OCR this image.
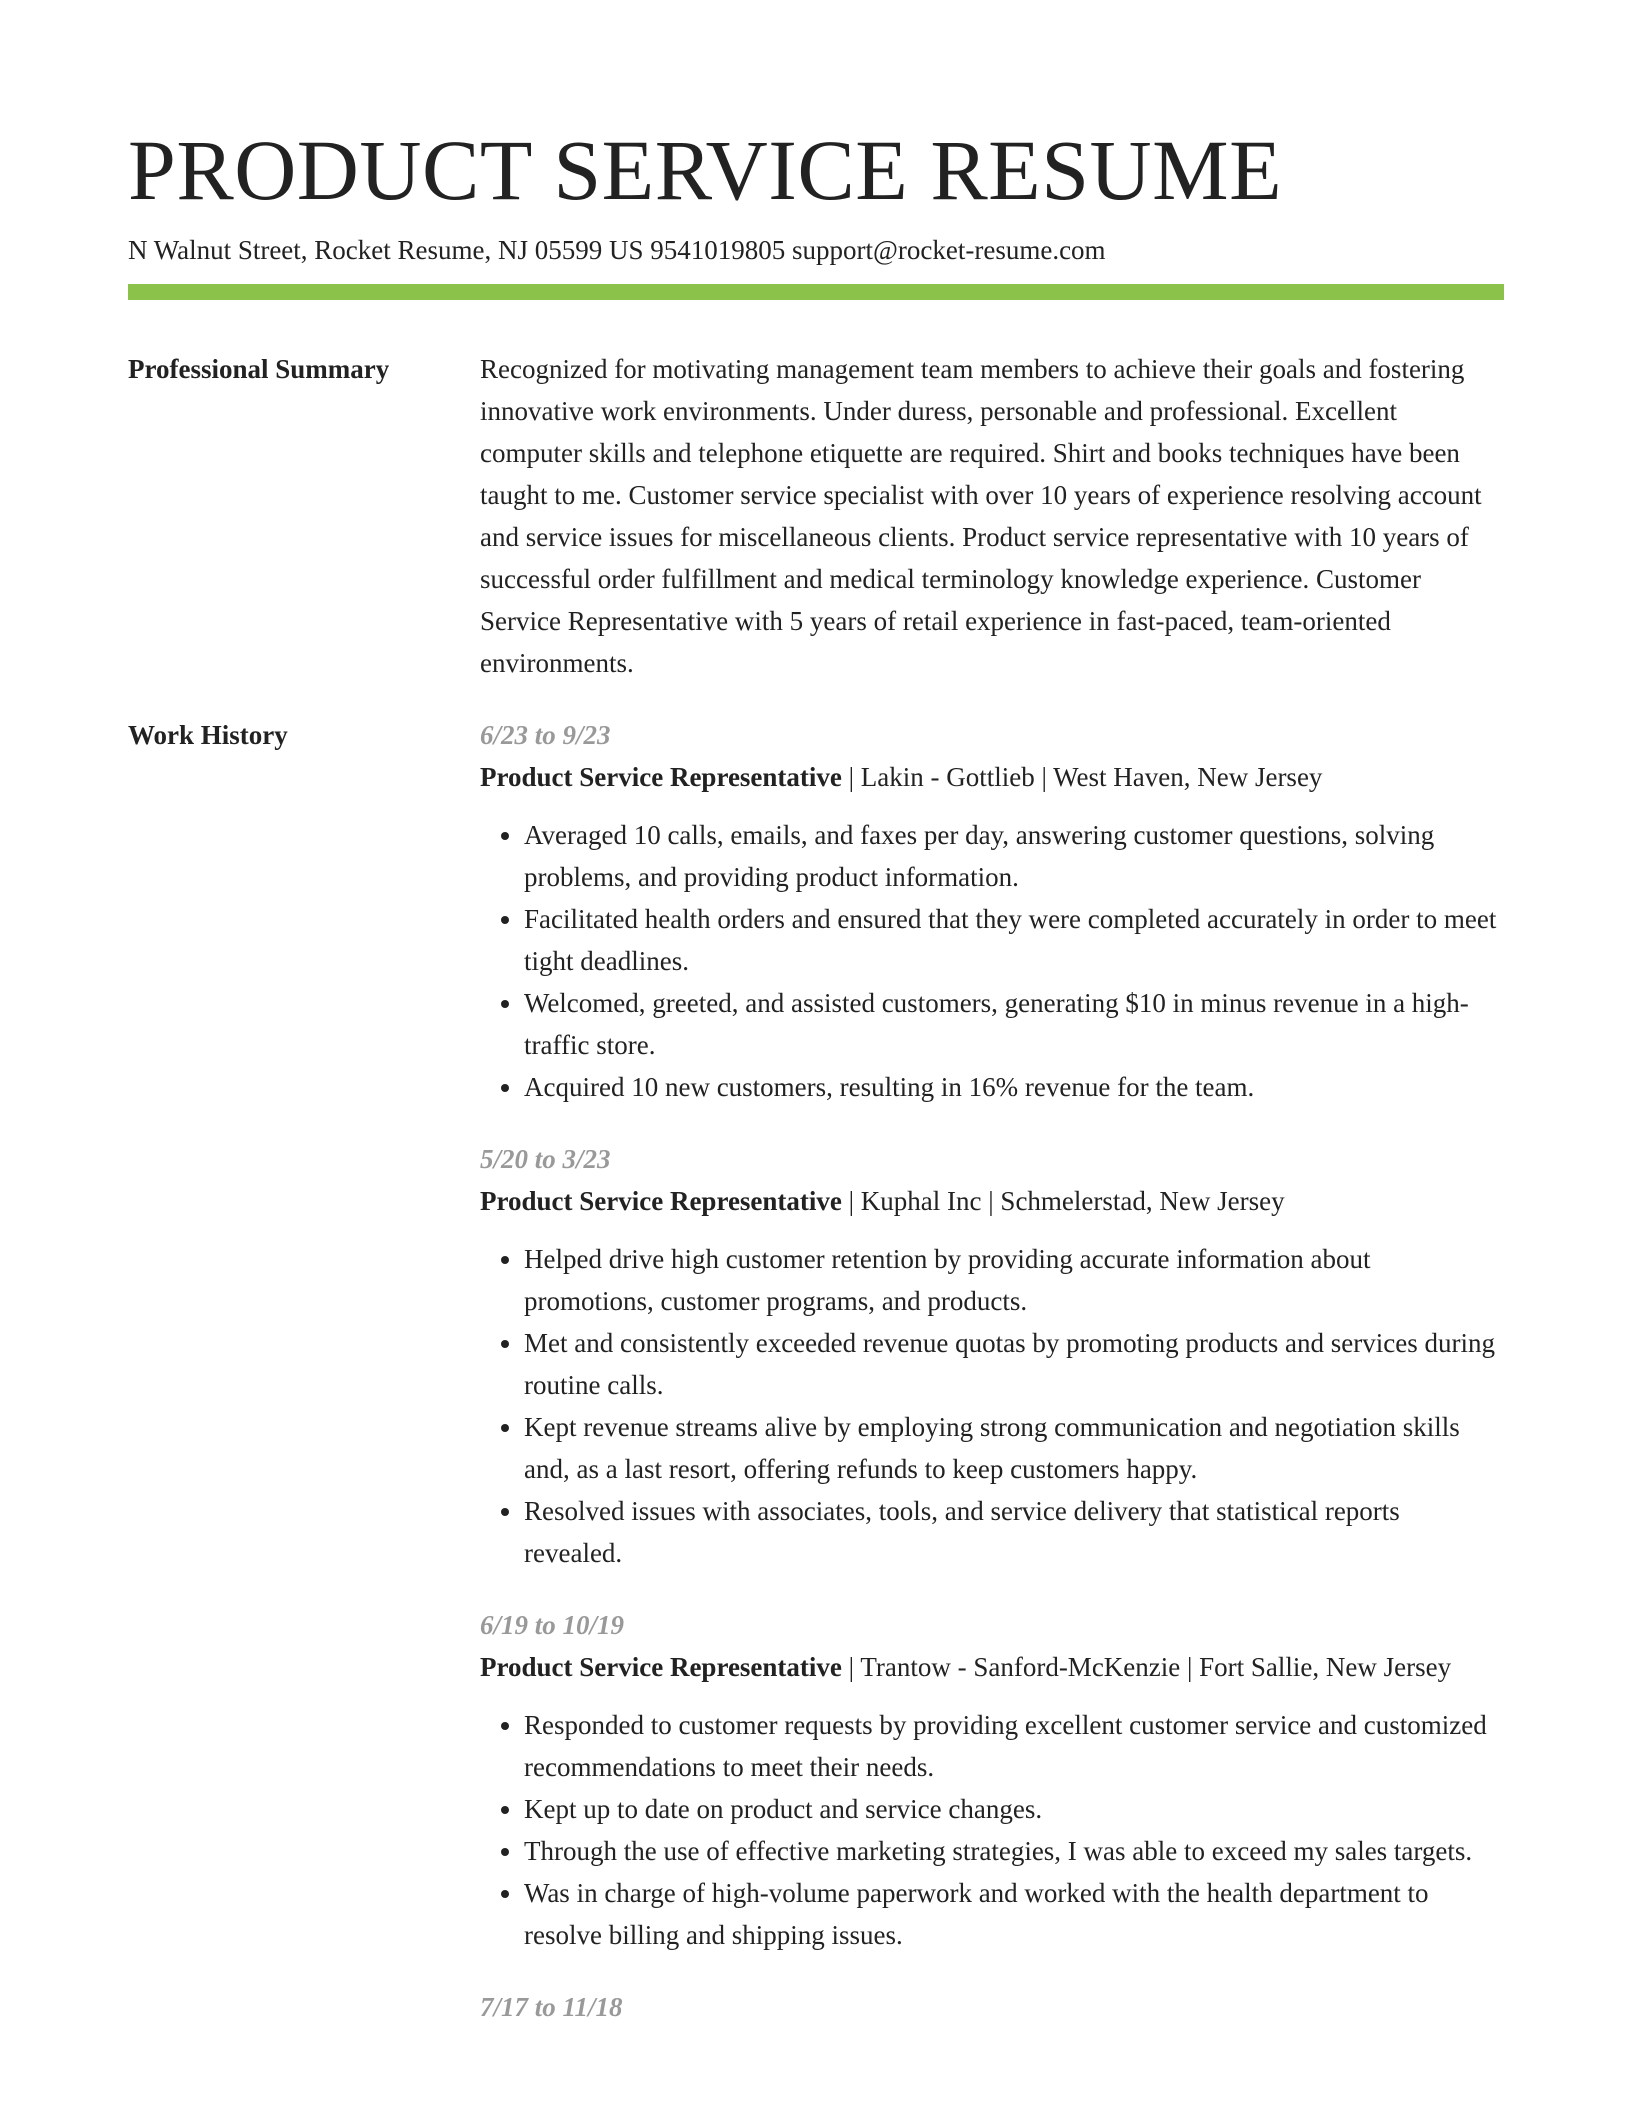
PRODUCT SERVICE RESUME
N Walnut Street, Rocket Resume, NJ 05599 US 9541019805 support@rocket-resume.com
Professional Summary	Recognized for motivating management team members to achieve their goals and fostering innovative work environments. Under duress, personable and professional. Excellent computer skills and telephone etiquette are required. Shirt and books techniques have been taught to me. Customer service specialist with over 10 years of experience resolving account and service issues for miscellaneous clients. Product service representative with 10 years of successful order fulfillment and medical terminology knowledge experience. Customer Service Representative with 5 years of retail experience in fast-paced, team-oriented environments.
Work History	6/23 to 9/23
Product Service Representative | Lakin - Gottlieb | West Haven, New Jersey
• Averaged 10 calls, emails, and faxes per day, answering customer questions, solving problems, and providing product information.
• Facilitated health orders and ensured that they were completed accurately in order to meet tight deadlines.
• Welcomed, greeted, and assisted customers, generating $10 in minus revenue in a high-traffic store.
• Acquired 10 new customers, resulting in 16% revenue for the team.
5/20 to 3/23
Product Service Representative | Kuphal Inc | Schmelerstad, New Jersey
• Helped drive high customer retention by providing accurate information about promotions, customer programs, and products.
• Met and consistently exceeded revenue quotas by promoting products and services during routine calls.
• Kept revenue streams alive by employing strong communication and negotiation skills and, as a last resort, offering refunds to keep customers happy.
• Resolved issues with associates, tools, and service delivery that statistical reports revealed.
6/19 to 10/19
Product Service Representative | Trantow - Sanford-McKenzie | Fort Sallie, New Jersey
• Responded to customer requests by providing excellent customer service and customized recommendations to meet their needs.
• Kept up to date on product and service changes.
• Through the use of effective marketing strategies, I was able to exceed my sales targets.
• Was in charge of high-volume paperwork and worked with the health department to resolve billing and shipping issues.
7/17 to 11/18
